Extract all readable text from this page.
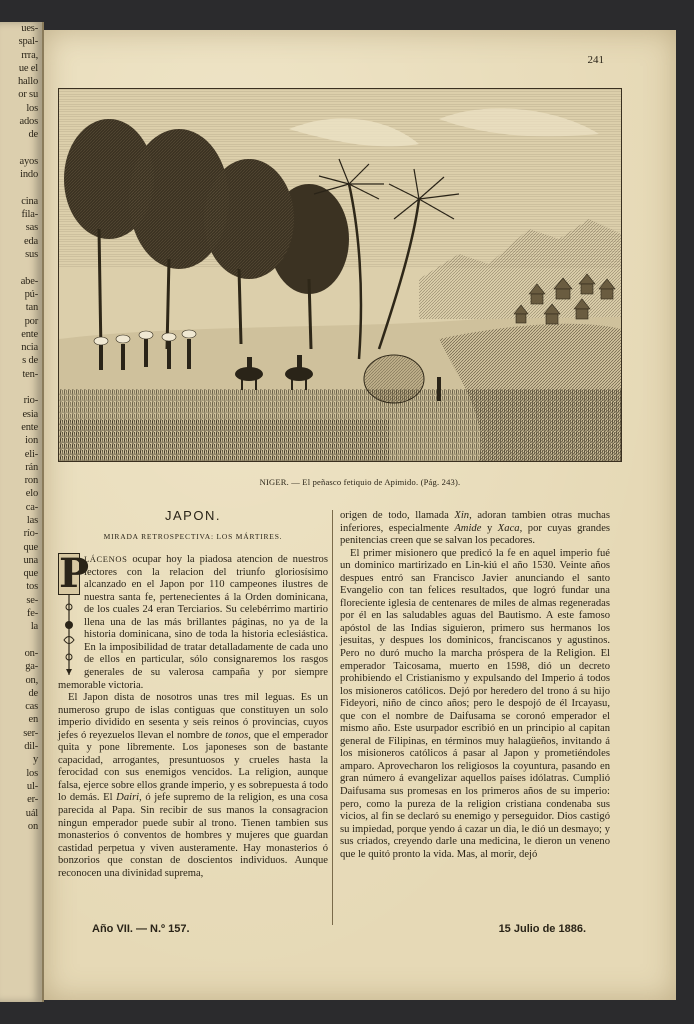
ues-
spal-
rrra,
ue el
hallo
or su
los
ados
de

ayos
indo

cina
fila-
sas
eda
sus

abe-
pú-
tan
por
ente
ncia
s de
ten-

rio-
esia
ente
ion
eli-
rán
ron
elo
ca-
las
río-
que
una
que
tos
se-
fe-
la

on-
ga-
on,
de
cas
en
ser-
dil-
y
los
ul-
er-
uál
on
241
NIGER. — El peñasco fetiquio de Apimido. (Pág. 243).
JAPON.
MIRADA RETROSPECTIVA: LOS MÁRTIRES.
P

LÁCENOS ocupar hoy la piadosa atencion de nuestros lectores con la relacion del triunfo gloriosísimo alcanzado en el Japon por 110 campeones ilustres de nuestra santa fe, pertenecientes á la Orden dominicana, de los cuales 24 eran Terciarios. Su celebérrimo martirio llena una de las más brillantes páginas, no ya de la historia dominicana, sino de toda la historia eclesiástica. En la imposibilidad de tratar detalladamente de cada uno de ellos en particular, sólo consignaremos los rasgos generales de su valerosa campaña y por siempre memorable victoria.

El Japon dista de nosotros unas tres mil leguas. Es un numeroso grupo de islas contiguas que constituyen un solo imperio dividido en sesenta y seis reinos ó provincias, cuyos jefes ó reyezuelos llevan el nombre de tonos, que el emperador quita y pone libremente. Los japoneses son de bastante capacidad, arrogantes, presuntuosos y crueles hasta la ferocidad con sus enemigos vencidos. La religion, aunque falsa, ejerce sobre ellos grande imperio, y es sobrepuesta á todo lo demás. El Dairi, ó jefe supremo de la religion, es una cosa parecida al Papa. Sin recibir de sus manos la consagracion ningun emperador puede subir al trono. Tienen tambien sus monasterios ó conventos de hombres y mujeres que guardan castidad perpetua y viven austeramente. Hay monasterios ó bonzorios que constan de doscientos individuos. Aunque reconocen una divinidad suprema,

origen de todo, llamada Xin, adoran tambien otras muchas inferiores, especialmente Amide y Xaca, por cuyas grandes penitencias creen que se salvan los pecadores.

El primer misionero que predicó la fe en aquel imperio fué un dominico martirizado en Lin-kiú el año 1530. Veinte años despues entró san Francisco Javier anunciando el santo Evangelio con tan felices resultados, que logró fundar una floreciente iglesia de centenares de miles de almas regeneradas por él en las saludables aguas del Bautismo. A este famoso apóstol de las Indias siguieron, primero sus hermanos los jesuitas, y despues los dominicos, franciscanos y agustinos. Pero no duró mucho la marcha próspera de la Religion. El emperador Taicosama, muerto en 1598, dió un decreto prohibiendo el Cristianismo y expulsando del Imperio á todos los misioneros católicos. Dejó por heredero del trono á su hijo Fideyori, niño de cinco años; pero le despojó de él Ircayasu, que con el nombre de Daifusama se coronó emperador el mismo año. Este usurpador escribió en un principio al capitan general de Filipinas, en términos muy halagüeños, invitando á los misioneros católicos á pasar al Japon y prometiéndoles amparo. Aprovecharon los religiosos la coyuntura, pasando en gran número á evangelizar aquellos países idólatras. Cumplió Daifusama sus promesas en los primeros años de su imperio: pero, como la pureza de la religion cristiana condenaba sus vicios, al fin se declaró su enemigo y perseguidor. Dios castigó su impiedad, porque yendo á cazar un dia, le dió un desmayo; y sus criados, creyendo darle una medicina, le dieron un veneno que le quitó pronto la vida. Mas, al morir, dejó

Año VII. — N.º 157.	15 Julio de 1886.
